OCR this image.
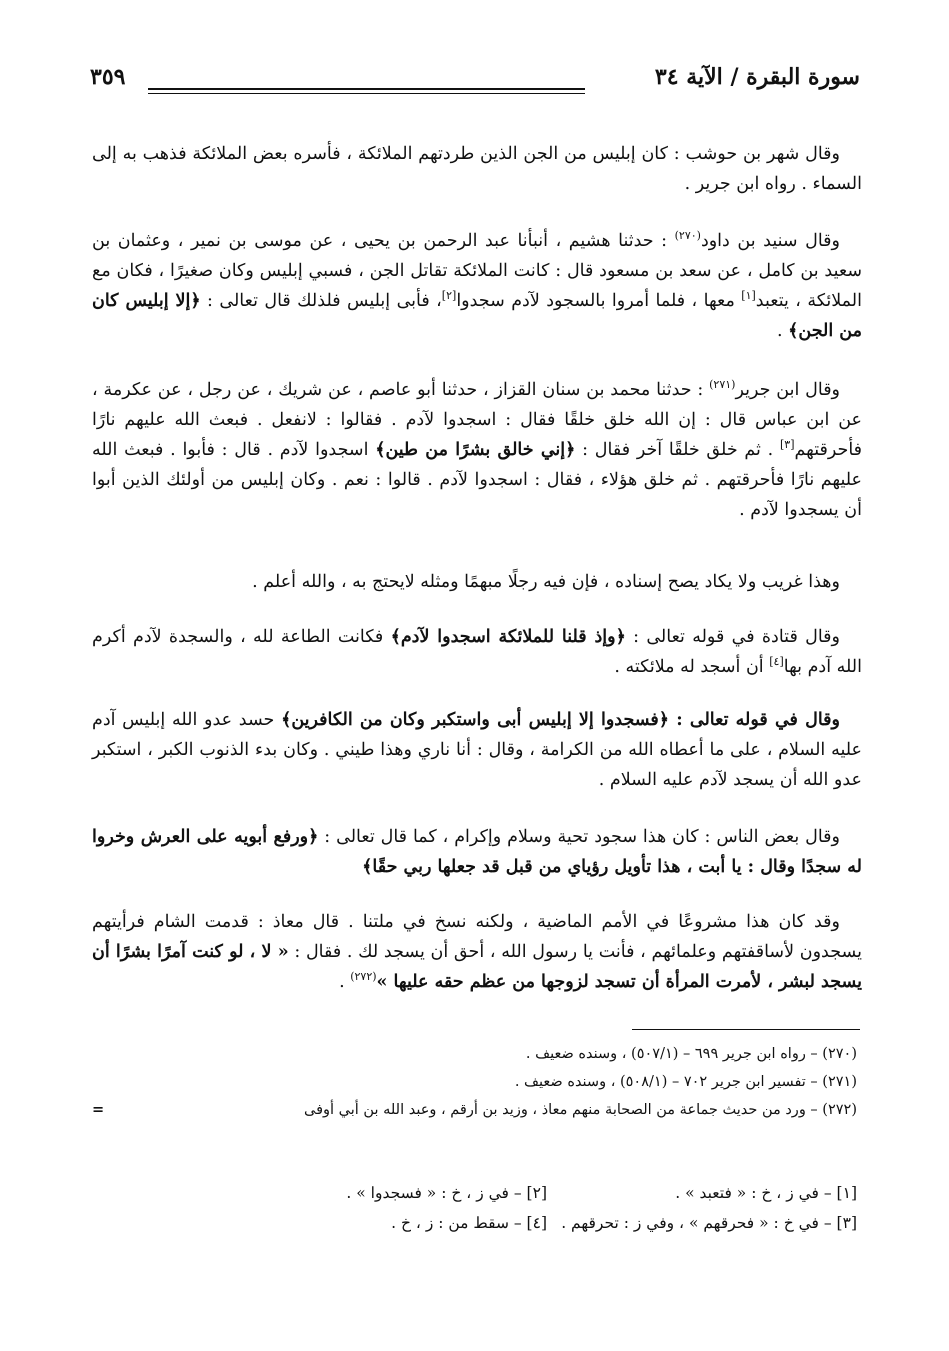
سورة البقرة / الآية ٣٤
٣٥٩

وقال شهر بن حوشب : كان إبليس من الجن الذين طردتهم الملائكة ، فأسره بعض الملائكة فذهب به إلى السماء . رواه ابن جرير .

وقال سنيد بن داود$^{(٢٧٠)}$ : حدثنا هشيم ، أنبأنا عبد الرحمن بن يحيى ، عن موسى بن نمير ، وعثمان بن سعيد بن كامل ، عن سعد بن مسعود قال : كانت الملائكة تقاتل الجن ، فسبي إبليس وكان صغيرًا ، فكان مع الملائكة ، يتعبد[١] معها ، فلما أمروا بالسجود لآدم سجدوا[٢]، فأبى إبليس فلذلك قال تعالى : ﴿إلا إبليس كان من الجن﴾ .

وقال ابن جرير$^{(٢٧١)}$ : حدثنا محمد بن سنان القزاز ، حدثنا أبو عاصم ، عن شريك ، عن رجل ، عن عكرمة ، عن ابن عباس قال : إن الله خلق خلقًا فقال : اسجدوا لآدم . فقالوا : لانفعل . فبعث الله عليهم نارًا فأحرقتهم[٣] . ثم خلق خلقًا آخر فقال : ﴿إني خالق بشرًا من طين﴾ اسجدوا لآدم . قال : فأبوا . فبعث الله عليهم نارًا فأحرقتهم . ثم خلق هؤلاء ، فقال : اسجدوا لآدم . قالوا : نعم . وكان إبليس من أولئك الذين أبوا أن يسجدوا لآدم .

وهذا غريب ولا يكاد يصح إسناده ، فإن فيه رجلًا مبهمًا ومثله لايحتج به ، والله أعلم .

وقال قتادة في قوله تعالى : ﴿وإذ قلنا للملائكة اسجدوا لآدم﴾ فكانت الطاعة لله ، والسجدة لآدم أكرم الله آدم بها[٤] أن أسجد له ملائكته .

وقال في قوله تعالى : ﴿فسجدوا إلا إبليس أبى واستكبر وكان من الكافرين﴾ حسد عدو الله إبليس آدم عليه السلام ، على ما أعطاه الله من الكرامة ، وقال : أنا ناري وهذا طيني . وكان بدء الذنوب الكبر ، استكبر عدو الله أن يسجد لآدم عليه السلام .

وقال بعض الناس : كان هذا سجود تحية وسلام وإكرام ، كما قال تعالى : ﴿ورفع أبويه على العرش وخروا له سجدًا وقال : يا أبت ، هذا تأويل رؤياي من قبل قد جعلها ربي حقًا﴾

وقد كان هذا مشروعًا في الأمم الماضية ، ولكنه نسخ في ملتنا . قال معاذ : قدمت الشام فرأيتهم يسجدون لأساقفتهم وعلمائهم ، فأنت يا رسول الله ، أحق أن يسجد لك . فقال : « لا ، لو كنت آمرًا بشرًا أن يسجد لبشر ، لأمرت المرأة أن تسجد لزوجها من عظم حقه عليها »$^{(٢٧٢)}$ .

(٢٧٠) – رواه ابن جرير ٦٩٩ – (٥٠٧/١) ، وسنده ضعيف .
(٢٧١) – تفسير ابن جرير ٧٠٢ – (٥٠٨/١) ، وسنده ضعيف .
(٢٧٢) – ورد من حديث جماعة من الصحابة منهم معاذ ، وزيد بن أرقم ، وعبد الله بن أبي أوفى
=
[١] – في ز ، خ : « فتعبد » .
[٢] – في ز ، خ : « فسجدوا » .
[٣] – في خ : « فحرقهم » ، وفي ز : تحرقهم .
[٤] – سقط من : ز ، خ .
